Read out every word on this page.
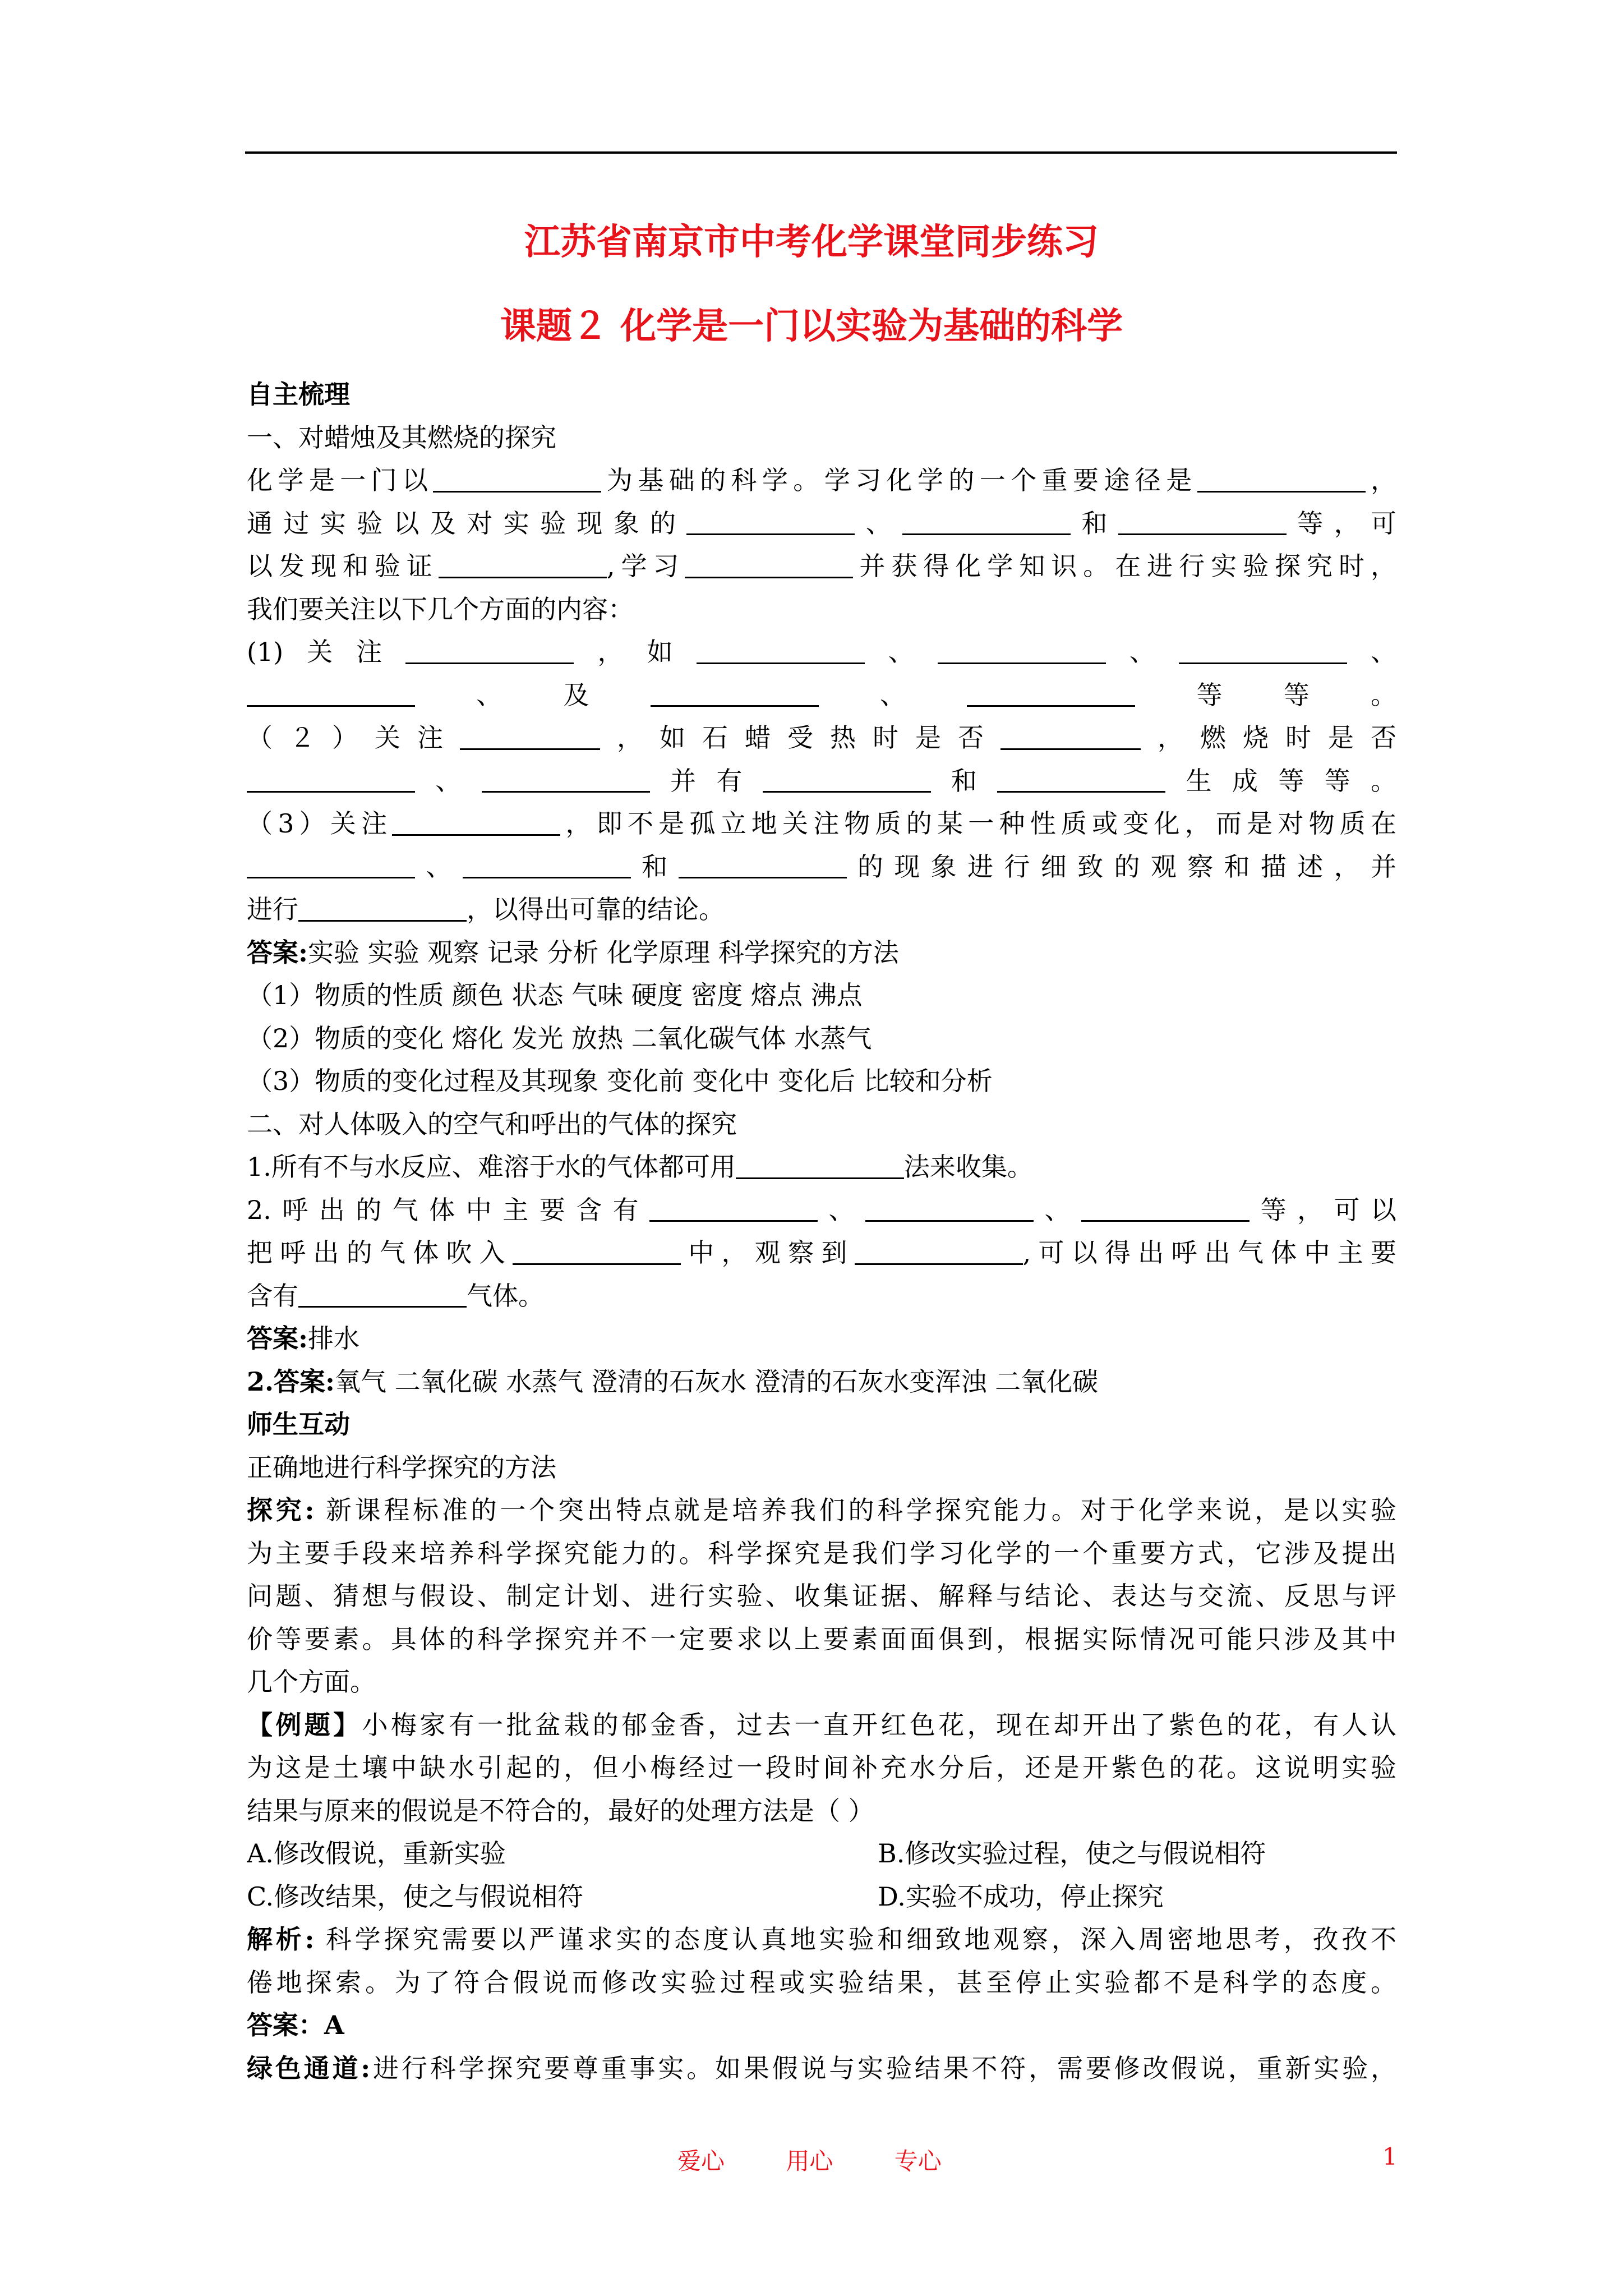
江苏省南京市中考化学课堂同步练习
课题２ 化学是一门以实验为基础的科学
自主梳理
一、对蜡烛及其燃烧的探究
化学是一门以	为基础的科学。学习化学的一个重要途径是	，
通过实验以及对实验现象的	、	和	等，可
以发现和验证	,学习	并获得化学知识。在进行实验探究时，
我们要关注以下几个方面的内容：
(1)关注	，如	、	、	、
、及	、	等等。
（２）关注	，如石蜡受热时是否	，燃烧时是否
、	并有	和	生成等等。
（3）关注	，即不是孤立地关注物质的某一种性质或变化，而是对物质在
、	和	的现象进行细致的观察和描述，并
进行	，以得出可靠的结论。
答案:实验 实验 观察 记录 分析 化学原理 科学探究的方法
（1）物质的性质 颜色 状态 气味 硬度 密度 熔点 沸点
（2）物质的变化 熔化 发光 放热 二氧化碳气体 水蒸气
（3）物质的变化过程及其现象 变化前 变化中 变化后 比较和分析
二、对人体吸入的空气和呼出的气体的探究
1.所有不与水反应、难溶于水的气体都可用	法来收集。
2.呼出的气体中主要含有	、	、	等，可以
把呼出的气体吹入	中，观察到	,可以得出呼出气体中主要
含有	气体。
答案:排水
2.答案:氧气 二氧化碳 水蒸气 澄清的石灰水 澄清的石灰水变浑浊 二氧化碳
师生互动
正确地进行科学探究的方法
探究: 新课程标准的一个突出特点就是培养我们的科学探究能力。对于化学来说，是以实验
为主要手段来培养科学探究能力的。科学探究是我们学习化学的一个重要方式，它涉及提出
问题、猜想与假设、制定计划、进行实验、收集证据、解释与结论、表达与交流、反思与评
价等要素。具体的科学探究并不一定要求以上要素面面俱到，根据实际情况可能只涉及其中
几个方面。
【例题】小梅家有一批盆栽的郁金香，过去一直开红色花，现在却开出了紫色的花，有人认
为这是土壤中缺水引起的，但小梅经过一段时间补充水分后，还是开紫色的花。这说明实验
结果与原来的假说是不符合的，最好的处理方法是（ ）
A.修改假说，重新实验	B.修改实验过程，使之与假说相符
C.修改结果，使之与假说相符	D.实验不成功，停止探究
解析: 科学探究需要以严谨求实的态度认真地实验和细致地观察，深入周密地思考，孜孜不
倦地探索。为了符合假说而修改实验过程或实验结果，甚至停止实验都不是科学的态度。
答案：A
绿色通道:进行科学探究要尊重事实。如果假说与实验结果不符，需要修改假说，重新实验，
爱心	用心	专心	1
